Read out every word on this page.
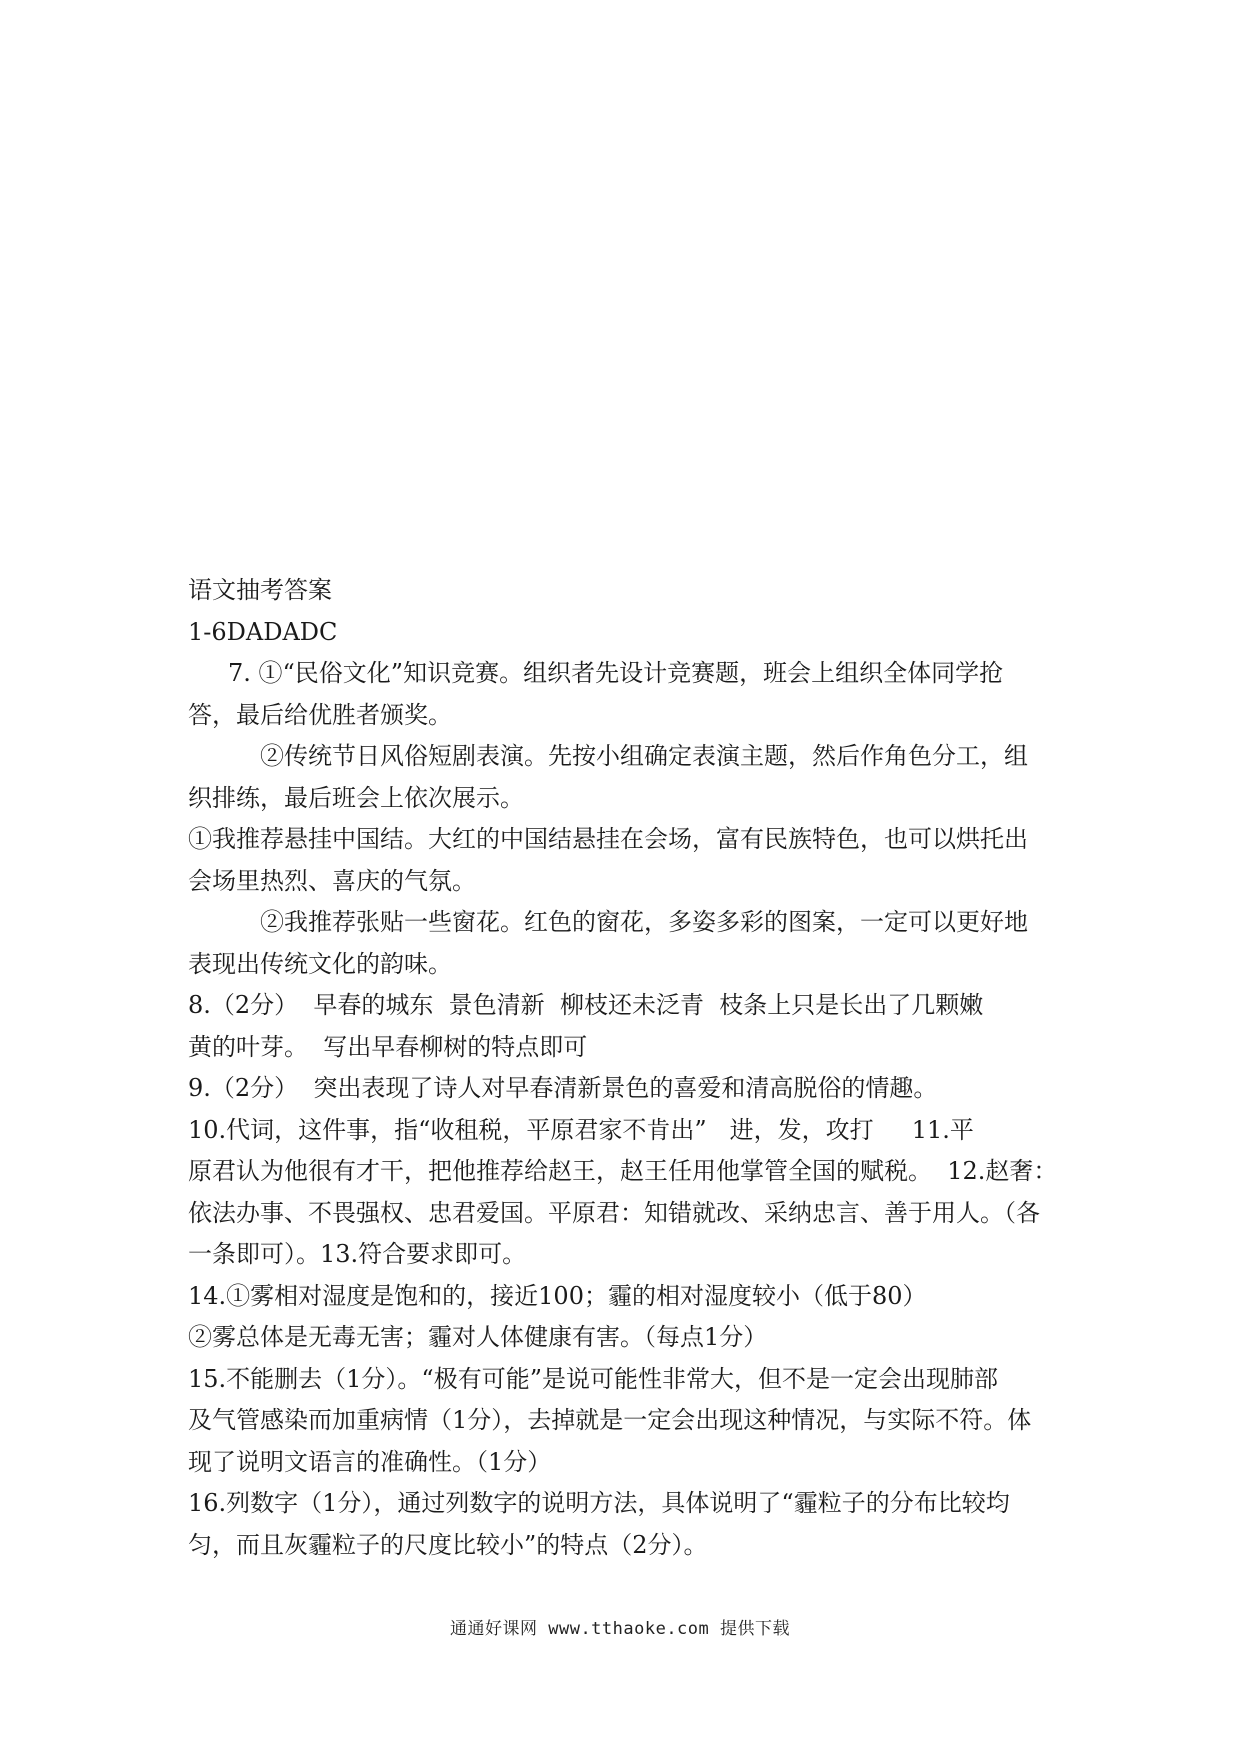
语文抽考答案
1-6DADADC
7. ①“民俗文化”知识竞赛。组织者先设计竞赛题，班会上组织全体同学抢
答，最后给优胜者颁奖。
②传统节日风俗短剧表演。先按小组确定表演主题，然后作角色分工，组
织排练，最后班会上依次展示。
①我推荐悬挂中国结。大红的中国结悬挂在会场，富有民族特色，也可以烘托出
会场里热烈、喜庆的气氛。
②我推荐张贴一些窗花。红色的窗花，多姿多彩的图案，一定可以更好地
表现出传统文化的韵味。
8.（2分）  早春的城东  景色清新  柳枝还未泛青  枝条上只是长出了几颗嫩
黄的叶芽。  写出早春柳树的特点即可
9.（2分）  突出表现了诗人对早春清新景色的喜爱和清高脱俗的情趣。
10.代词，这件事，指“收租税，平原君家不肯出”   进，发，攻打     11.平
原君认为他很有才干，把他推荐给赵王，赵王任用他掌管全国的赋税。  12.赵奢：
依法办事、不畏强权、忠君爱国。平原君：知错就改、采纳忠言、善于用人。（各
一条即可）。13.符合要求即可。
14.①雾相对湿度是饱和的，接近100；霾的相对湿度较小（低于80）
②雾总体是无毒无害；霾对人体健康有害。（每点1分）
15.不能删去（1分）。“极有可能”是说可能性非常大，但不是一定会出现肺部
及气管感染而加重病情（1分），去掉就是一定会出现这种情况，与实际不符。体
现了说明文语言的准确性。（1分）
16.列数字（1分），通过列数字的说明方法，具体说明了“霾粒子的分布比较均
匀，而且灰霾粒子的尺度比较小”的特点（2分）。
通通好课网 www.tthaoke.com 提供下载
